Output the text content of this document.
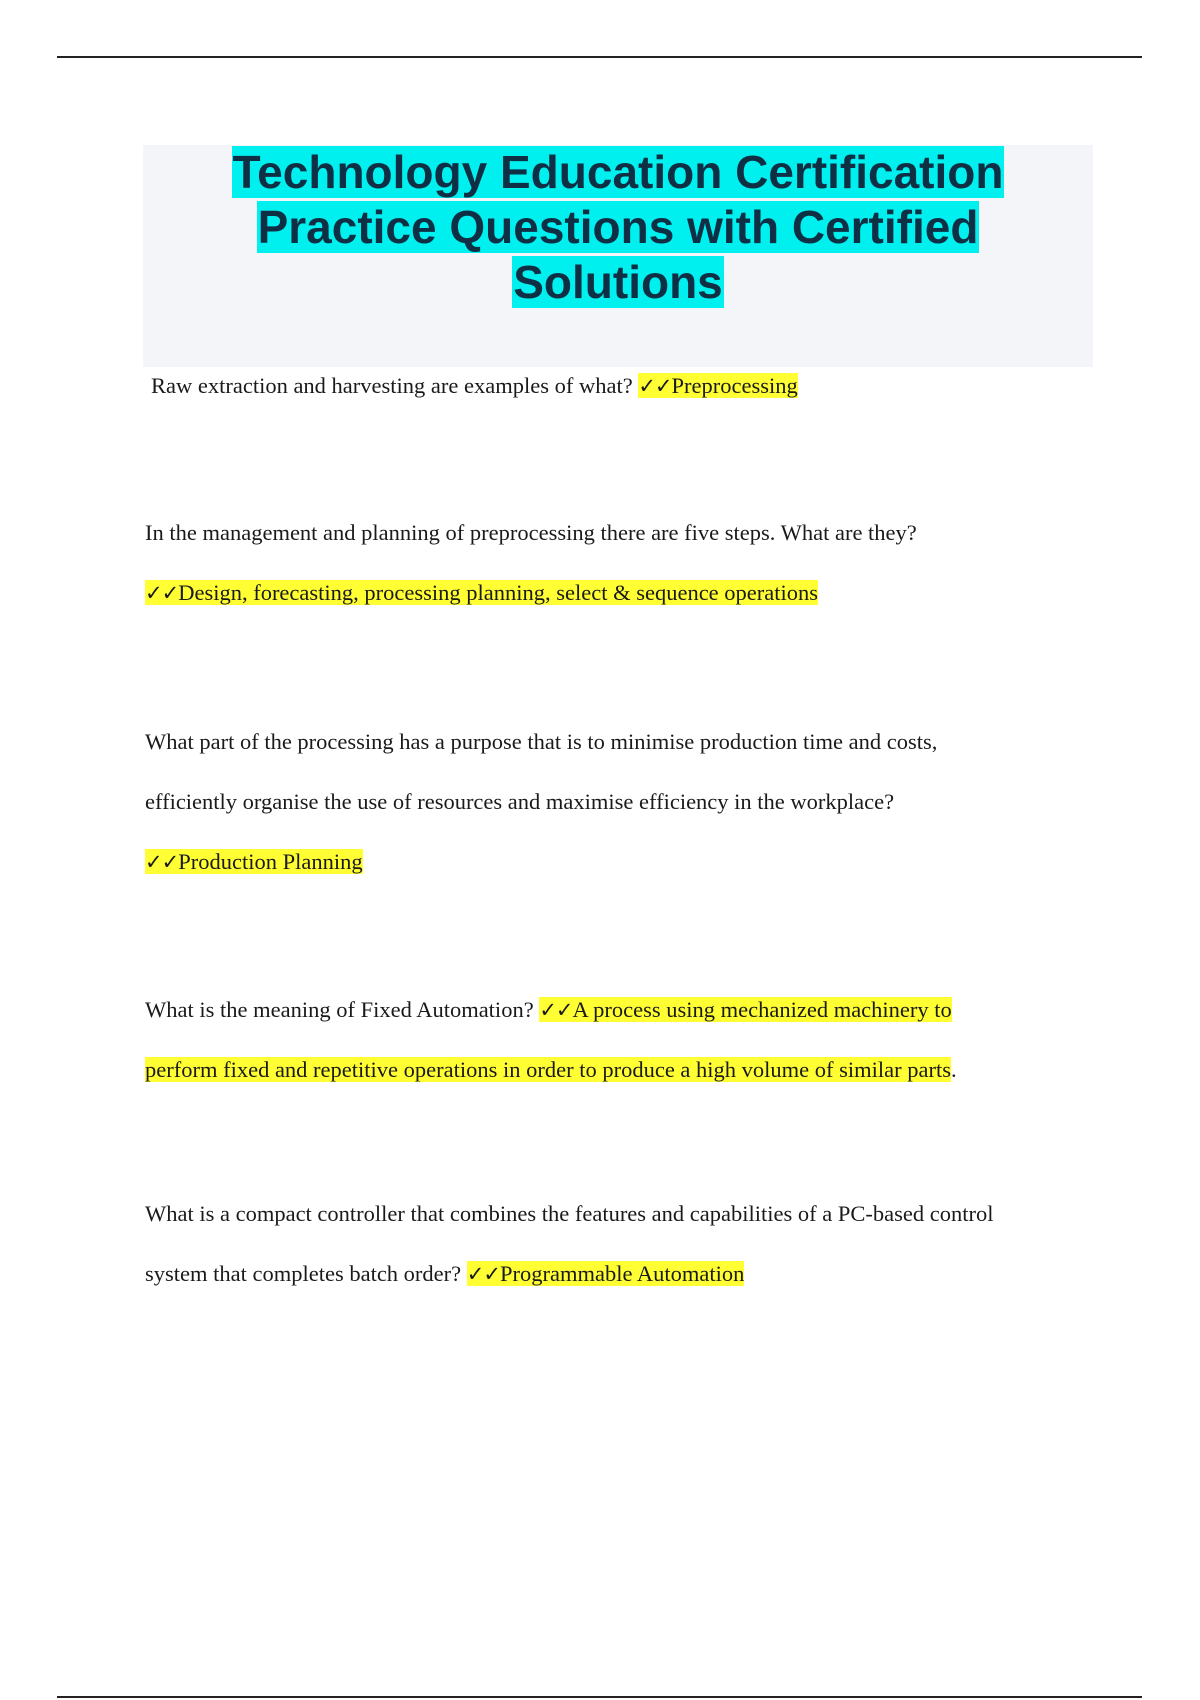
Technology Education Certification
Practice Questions with Certified
Solutions

Raw extraction and harvesting are examples of what? ✓✓Preprocessing

In the management and planning of preprocessing there are five steps. What are they?
✓✓Design, forecasting, processing planning, select & sequence operations

What part of the processing has a purpose that is to minimise production time and costs,
efficiently organise the use of resources and maximise efficiency in the workplace?
✓✓Production Planning

What is the meaning of Fixed Automation? ✓✓A process using mechanized machinery to
perform fixed and repetitive operations in order to produce a high volume of similar parts.

What is a compact controller that combines the features and capabilities of a PC-based control
system that completes batch order? ✓✓Programmable Automation
